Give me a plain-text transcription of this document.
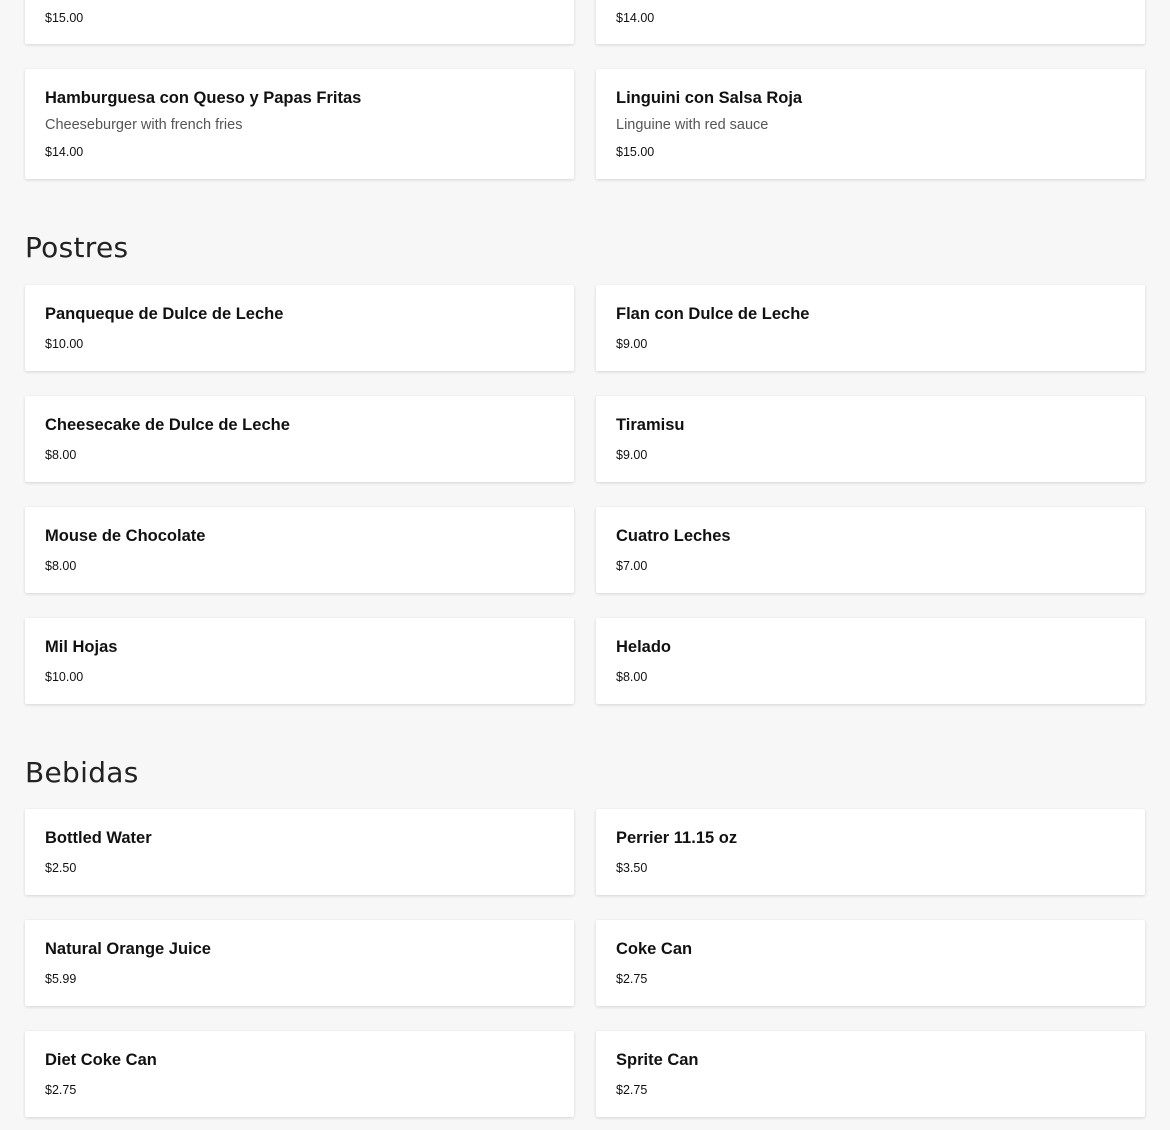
$15.00	$14.00
Hamburguesa con Queso y Papas Fritas
Cheeseburger with french fries
$14.00
Linguini con Salsa Roja
Linguine with red sauce
$15.00
Postres
Panqueque de Dulce de Leche
$10.00
Flan con Dulce de Leche
$9.00
Cheesecake de Dulce de Leche
$8.00
Tiramisu
$9.00
Mouse de Chocolate
$8.00
Cuatro Leches
$7.00
Mil Hojas
$10.00
Helado
$8.00
Bebidas
Bottled Water
$2.50
Perrier 11.15 oz
$3.50
Natural Orange Juice
$5.99
Coke Can
$2.75
Diet Coke Can
$2.75
Sprite Can
$2.75
